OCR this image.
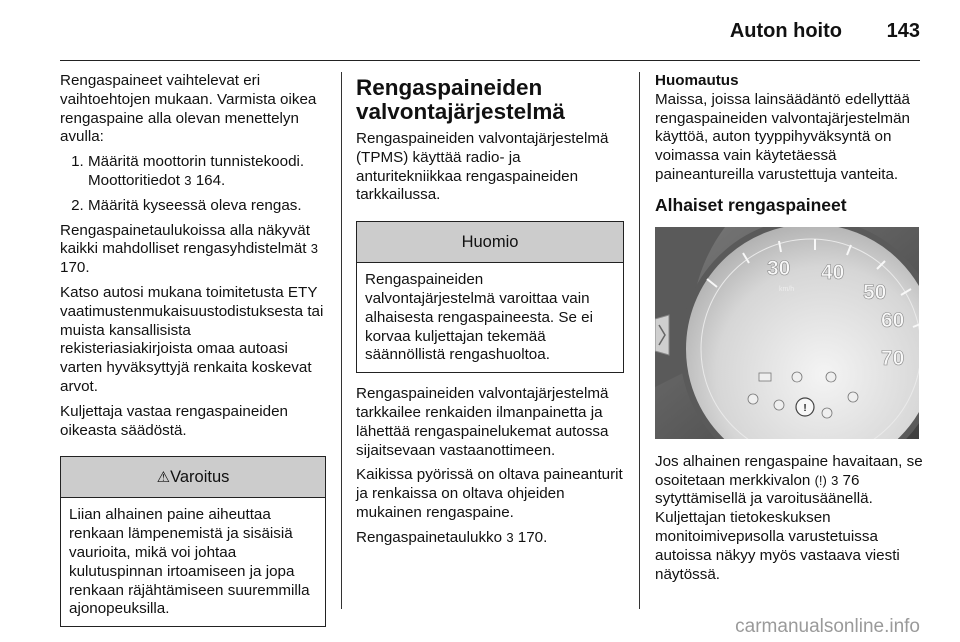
Auton hoito 143

Rengaspaineet vaihtelevat eri vaihtoehtojen mukaan. Varmista oikea rengaspaine alla olevan menettelyn avulla:

1. Määritä moottorin tunnistekoodi. Moottoritiedot 3 164.
2. Määritä kyseessä oleva rengas.

Rengaspainetaulukoissa alla näkyvät kaikki mahdolliset rengasyhdistelmät 3 170.

Katso autosi mukana toimitetusta ETY vaatimustenmukaisuustodistuksesta tai muista kansallisista rekisteriasiakirjoista omaa autoasi varten hyväksyttyjä renkaita koskevat arvot.

Kuljettaja vastaa rengaspaineiden oikeasta säädöstä.

⚠Varoitus
Liian alhainen paine aiheuttaa renkaan lämpenemistä ja sisäisiä vaurioita, mikä voi johtaa kulutuspinnan irtoamiseen ja jopa renkaan räjähtämiseen suuremmilla ajonopeuksilla.
Rengaspaineiden valvontajärjestelmä

Rengaspaineiden valvontajärjestelmä (TPMS) käyttää radio- ja anturitekniikkaa rengaspaineiden tarkkailussa.

Huomio
Rengaspaineiden valvontajärjestelmä varoittaa vain alhaisesta rengaspaineesta. Se ei korvaa kuljettajan tekemää säännöllistä rengashuoltoa.

Rengaspaineiden valvontajärjestelmä tarkkailee renkaiden ilmanpainetta ja lähettää rengaspainelukemat autossa sijaitsevaan vastaanottimeen.

Kaikissa pyörissä on oltava paineanturit ja renkaissa on oltava ohjeiden mukainen rengaspaine.

Rengaspainetaulukko 3 170.

Huomautus
Maissa, joissa lainsäädäntö edellyttää rengaspaineiden valvontajärjestelmän käyttöä, auton tyyppihyväksyntä on voimassa vain käytetäessä paineantureilla varustettuja vanteita.

Alhaiset rengaspaineet
30 40
50
60
70
km/h
!

Jos alhainen rengaspaine havaitaan, se osoitetaan merkkivalon (!) 3 76 sytyttämisellä ja varoitusäänellä. Kuljettajan tietokeskuksen monitoimivериsolla varustetuissa autoissa näkyy myös vastaava viesti näytössä.

carmanualsonline.info
